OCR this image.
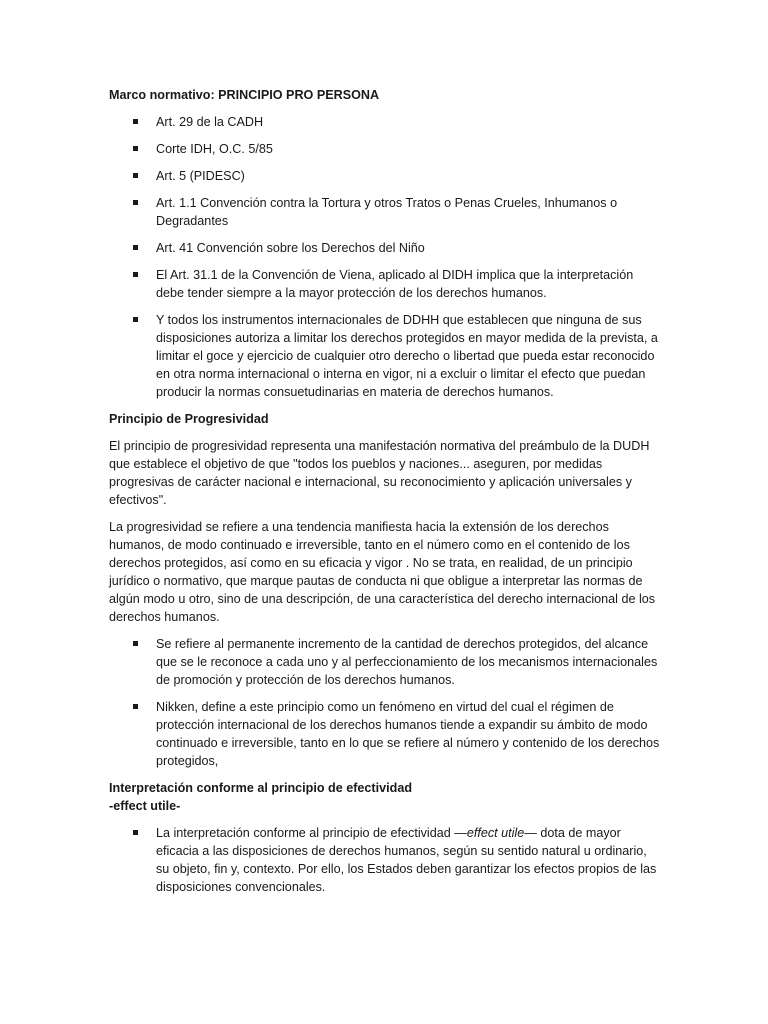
Marco normativo: PRINCIPIO PRO PERSONA

Art. 29 de la CADH
Corte IDH, O.C. 5/85
Art. 5 (PIDESC)
Art. 1.1 Convención contra la Tortura y otros Tratos o Penas Crueles, Inhumanos o Degradantes
Art. 41 Convención sobre los Derechos del Niño
El Art. 31.1 de la Convención de Viena, aplicado al DIDH implica que la interpretación debe tender siempre a la mayor protección de los derechos humanos.
Y todos los instrumentos internacionales de DDHH que establecen que ninguna de sus disposiciones autoriza a limitar los derechos protegidos en mayor medida de la prevista, a limitar el goce y ejercicio de cualquier otro derecho o libertad que pueda estar reconocido en otra norma internacional o interna en vigor, ni a excluir o limitar el efecto que puedan producir la normas consuetudinarias en materia de derechos humanos.

Principio de Progresividad

El principio de progresividad representa una manifestación normativa del preámbulo de la DUDH que establece el objetivo de que "todos los pueblos y naciones... aseguren, por medidas progresivas de carácter nacional e internacional, su reconocimiento y aplicación universales y efectivos".

La progresividad se refiere a una tendencia manifiesta hacia la extensión de los derechos humanos, de modo continuado e irreversible, tanto en el número como en el contenido de los derechos protegidos, así como en su eficacia y vigor . No se trata, en realidad, de un principio jurídico o normativo, que marque pautas de conducta ni que obligue a interpretar las normas de algún modo u otro, sino de una descripción, de una característica del derecho internacional de los derechos humanos.

Se refiere al permanente incremento de la cantidad de derechos protegidos, del alcance que se le reconoce a cada uno y al perfeccionamiento de los mecanismos internacionales de promoción y protección de los derechos humanos.
Nikken, define a este principio como un fenómeno en virtud del cual el régimen de protección internacional de los derechos humanos tiende a expandir su ámbito de modo continuado e irreversible, tanto en lo que se refiere al número y contenido de los derechos protegidos,

Interpretación conforme al principio de efectividad
-effect utile-

La interpretación conforme al principio de efectividad —effect utile— dota de mayor eficacia a las disposiciones de derechos humanos, según su sentido natural u ordinario, su objeto, fin y, contexto. Por ello, los Estados deben garantizar los efectos propios de las disposiciones convencionales.
